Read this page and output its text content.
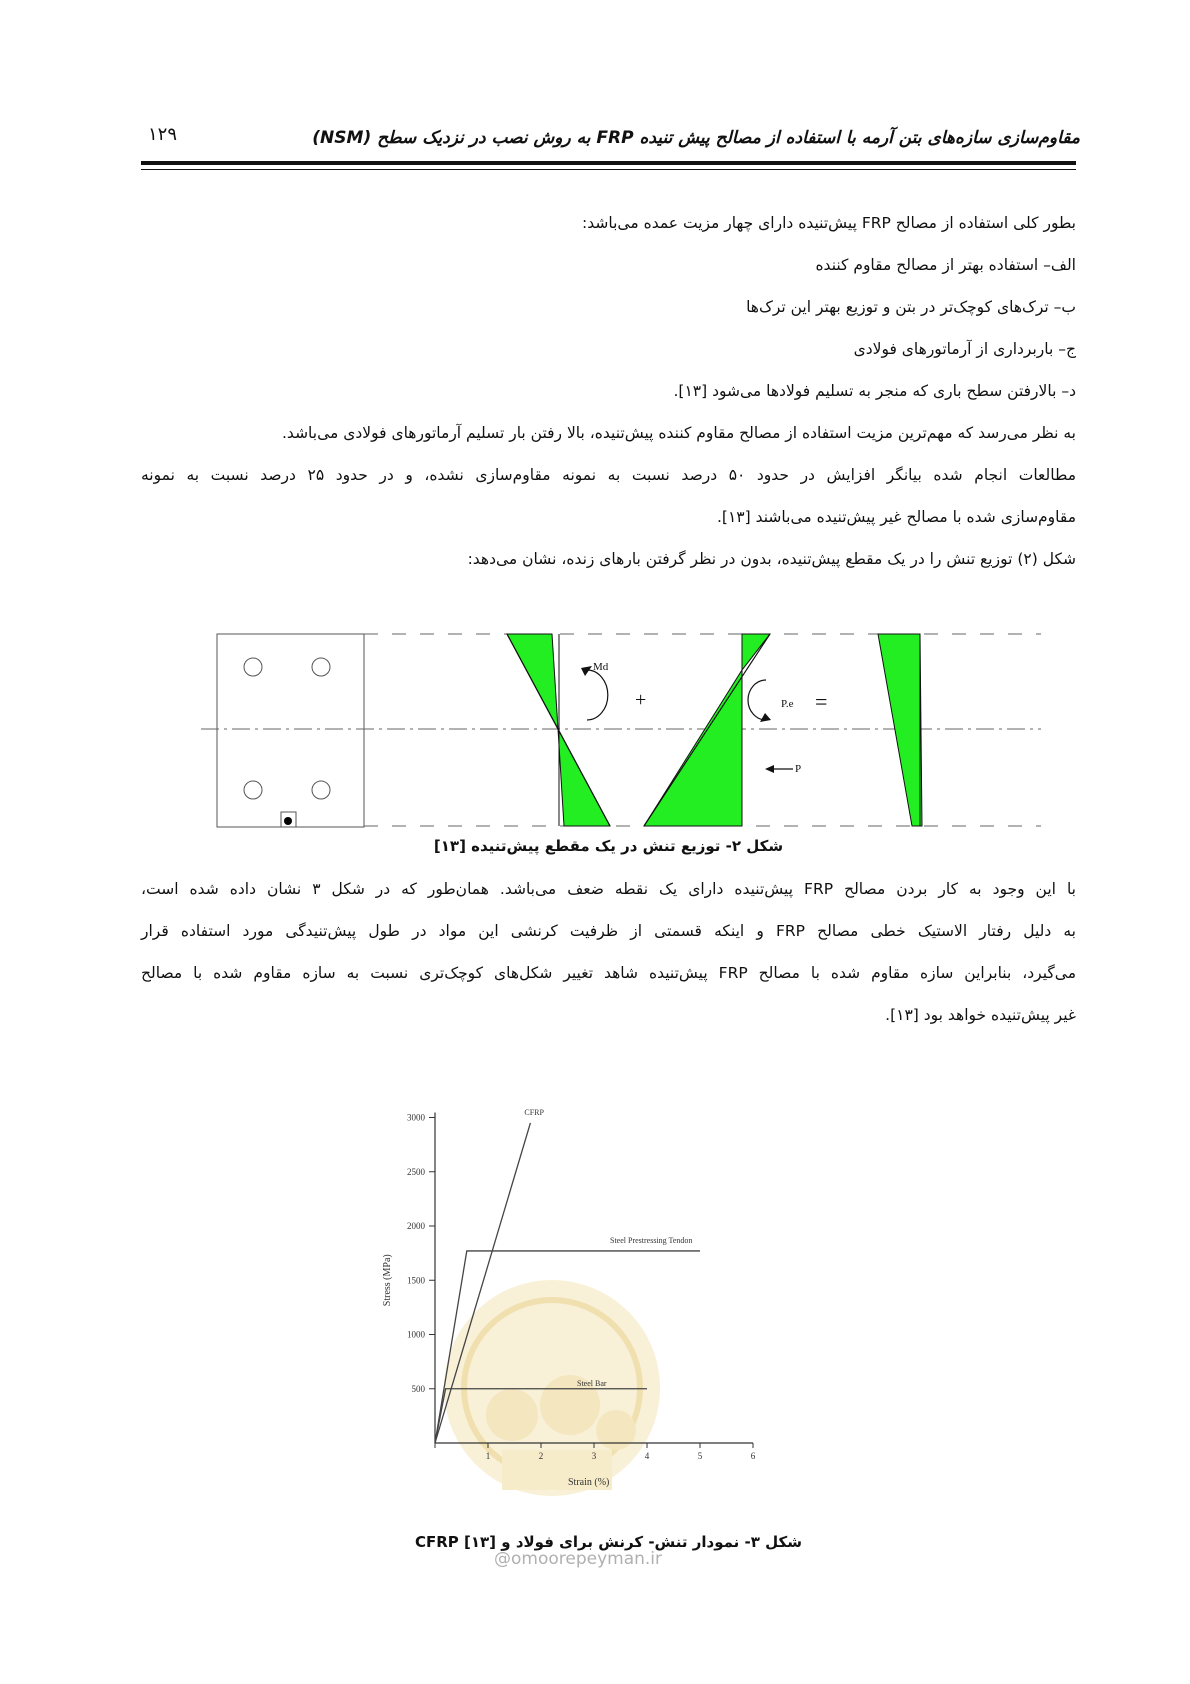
مقاوم‌سازی سازه‌های بتن آرمه با استفاده از مصالح پیش تنیده FRP به روش نصب در نزدیک سطح (NSM)
۱۲۹
بطور کلی استفاده از مصالح FRP پیش‌تنیده دارای چهار مزیت عمده می‌باشد:
الف– استفاده بهتر از مصالح مقاوم کننده
ب– ترک‌های کوچک‌تر در بتن و توزیع بهتر این ترک‌ها
ج– باربرداری از آرماتورهای فولادی
د– بالارفتن سطح باری که منجر به تسلیم فولادها می‌شود [۱۳].
به نظر می‌رسد که مهم‌ترین مزیت استفاده از مصالح مقاوم کننده پیش‌تنیده، بالا رفتن بار تسلیم آرماتورهای فولادی می‌باشد.
مطالعات انجام شده بیانگر افزایش در حدود ۵۰ درصد نسبت به نمونه مقاوم‌سازی نشده، و در حدود ۲۵ درصد نسبت به نمونه
مقاوم‌سازی شده با مصالح غیر پیش‌تنیده می‌باشند [۱۳].
شکل (۲) توزیع تنش را در یک مقطع پیش‌تنیده، بدون در نظر گرفتن بارهای زنده، نشان می‌دهد:
Md
+	P.e =
P
شکل ۲- توزیع تنش در یک مقطع پیش‌تنیده [۱۳]
با این وجود به کار بردن مصالح FRP پیش‌تنیده دارای یک نقطه ضعف می‌باشد. همان‌طور که در شکل ۳ نشان داده شده است،
به دلیل رفتار الاستیک خطی مصالح FRP و اینکه قسمتی از ظرفیت کرنشی این مواد در طول پیش‌تنیدگی مورد استفاده قرار
می‌گیرد، بنابراین سازه مقاوم شده با مصالح FRP پیش‌تنیده شاهد تغییر شکل‌های کوچک‌تری نسبت به سازه مقاوم شده با مصالح
غیر پیش‌تنیده خواهد بود [۱۳].
500
1000
1500
2000
2500
3000
1	2	3	4	5	6
Strain (%)
Stress (MPa)
CFRP
Steel Prestressing Tendon
Steel Bar
شکل ۳- نمودار تنش- کرنش برای فولاد و CFRP [۱۳]
@omoorepeyman.ir
